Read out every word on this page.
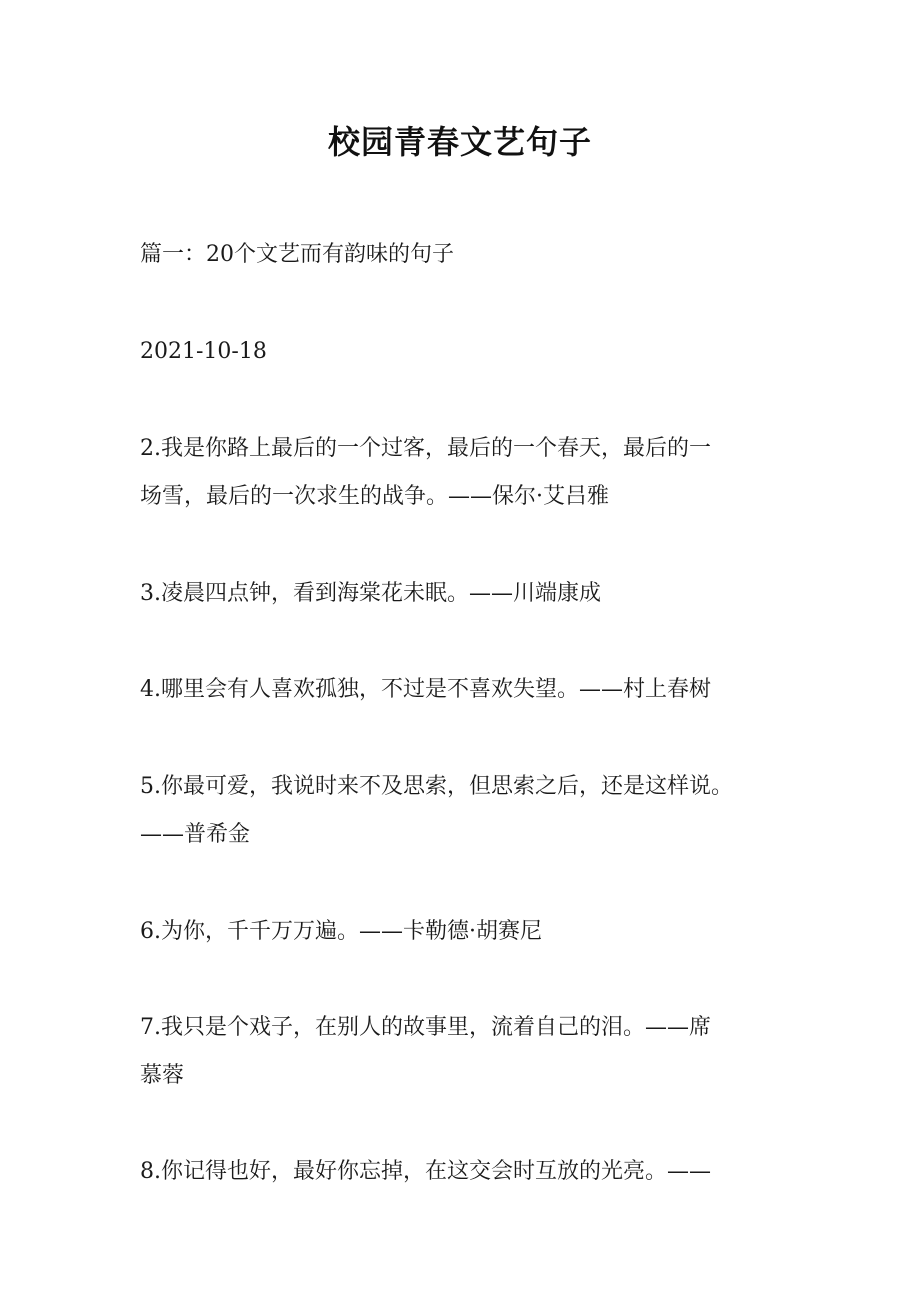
校园青春文艺句子
篇一：20个文艺而有韵味的句子
2021-10-18
2.我是你路上最后的一个过客，最后的一个春天，最后的一
场雪，最后的一次求生的战争。——保尔·艾吕雅
3.凌晨四点钟，看到海棠花未眠。——川端康成
4.哪里会有人喜欢孤独，不过是不喜欢失望。——村上春树
5.你最可爱，我说时来不及思索，但思索之后，还是这样说。
——普希金
6.为你，千千万万遍。——卡勒德·胡赛尼
7.我只是个戏子，在别人的故事里，流着自己的泪。——席
慕蓉
8.你记得也好，最好你忘掉，在这交会时互放的光亮。——
